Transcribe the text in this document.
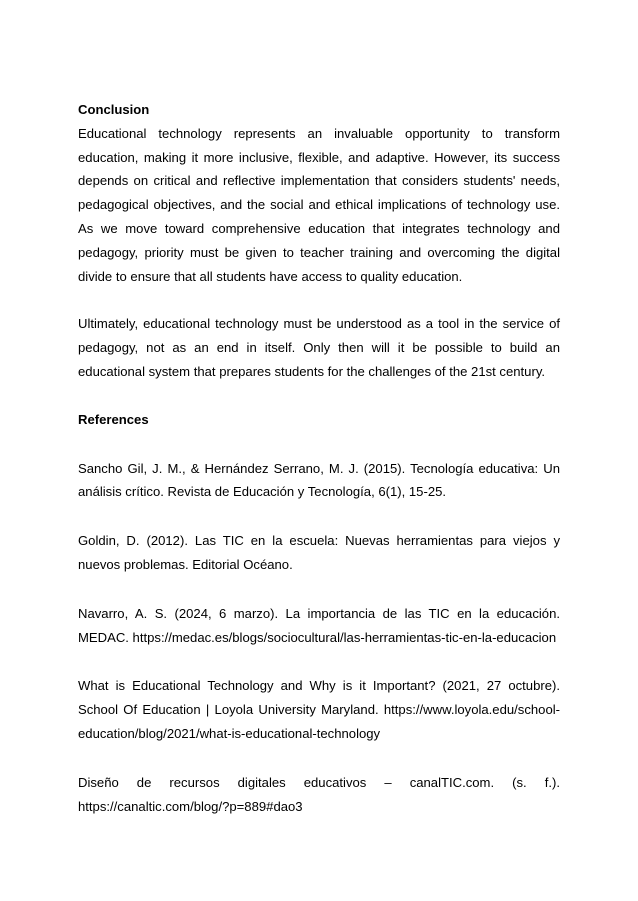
Conclusion

Educational technology represents an invaluable opportunity to transform education, making it more inclusive, flexible, and adaptive. However, its success depends on critical and reflective implementation that considers students' needs, pedagogical objectives, and the social and ethical implications of technology use. As we move toward comprehensive education that integrates technology and pedagogy, priority must be given to teacher training and overcoming the digital divide to ensure that all students have access to quality education.

Ultimately, educational technology must be understood as a tool in the service of pedagogy, not as an end in itself. Only then will it be possible to build an educational system that prepares students for the challenges of the 21st century.

References

Sancho Gil, J. M., & Hernández Serrano, M. J. (2015). Tecnología educativa: Un análisis crítico. Revista de Educación y Tecnología, 6(1), 15-25.

Goldin, D. (2012). Las TIC en la escuela: Nuevas herramientas para viejos y nuevos problemas. Editorial Océano.

Navarro, A. S. (2024, 6 marzo). La importancia de las TIC en la educación. MEDAC. https://medac.es/blogs/sociocultural/las-herramientas-tic-en-la-educacion

What is Educational Technology and Why is it Important? (2021, 27 octubre). School Of Education | Loyola University Maryland. https://www.loyola.edu/school-education/blog/2021/what-is-educational-technology

Diseño de recursos digitales educativos – canalTIC.com. (s. f.). https://canaltic.com/blog/?p=889#dao3
